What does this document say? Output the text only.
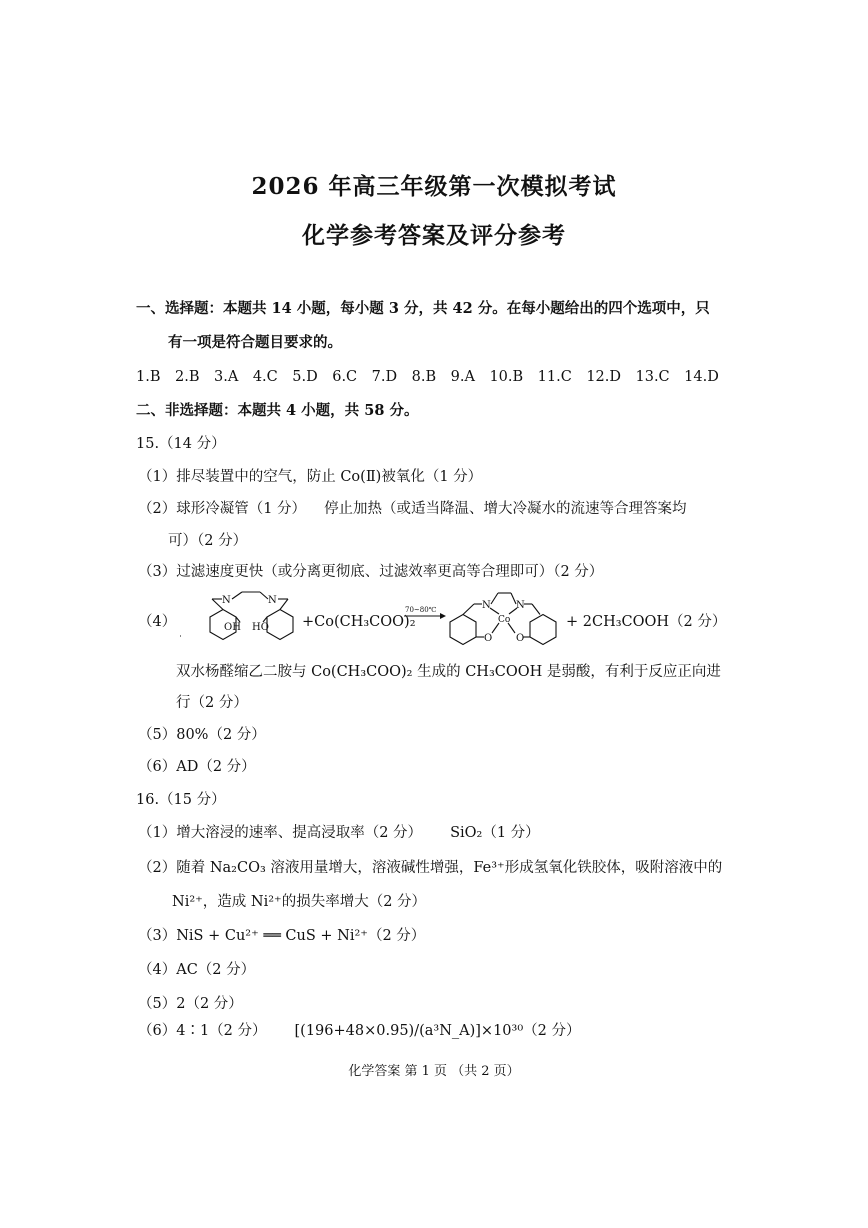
2026 年高三年级第一次模拟考试
化学参考答案及评分参考
一、选择题：本题共 14 小题，每小题 3 分，共 42 分。在每小题给出的四个选项中，只
有一项是符合题目要求的。
1.B 2.B 3.A 4.C 5.D 6.C 7.D 8.B 9.A 10.B 11.C 12.D 13.C 14.D
二、非选择题：本题共 4 小题，共 58 分。
15.（14 分）
（1）排尽装置中的空气，防止 Co(Ⅱ)被氧化（1 分）
（2）球形冷凝管（1 分） 停止加热（或适当降温、增大冷凝水的流速等合理答案均
可）（2 分）
（3）过滤速度更快（或分离更彻底、过滤效率更高等合理即可）（2 分）
（4）
N	N
OH HO
N	N
Co
O O
+Co(CH₃COO)₂
70~80℃
+ 2CH₃COOH（2 分）
双水杨醛缩乙二胺与 Co(CH₃COO)₂ 生成的 CH₃COOH 是弱酸，有利于反应正向进
行（2 分）
（5）80%（2 分）
（6）AD（2 分）
16.（15 分）
（1）增大溶浸的速率、提高浸取率（2 分） SiO₂（1 分）
（2）随着 Na₂CO₃ 溶液用量增大，溶液碱性增强，Fe³⁺形成氢氧化铁胶体，吸附溶液中的
Ni²⁺，造成 Ni²⁺的损失率增大（2 分）
（3）NiS + Cu²⁺ ══ CuS + Ni²⁺（2 分）
（4）AC（2 分）
（5）2（2 分）
（6）4∶1（2 分） [(196+48×0.95)/(a³N_A)]×10³⁰（2 分）
化学答案 第 1 页 （共 2 页）
